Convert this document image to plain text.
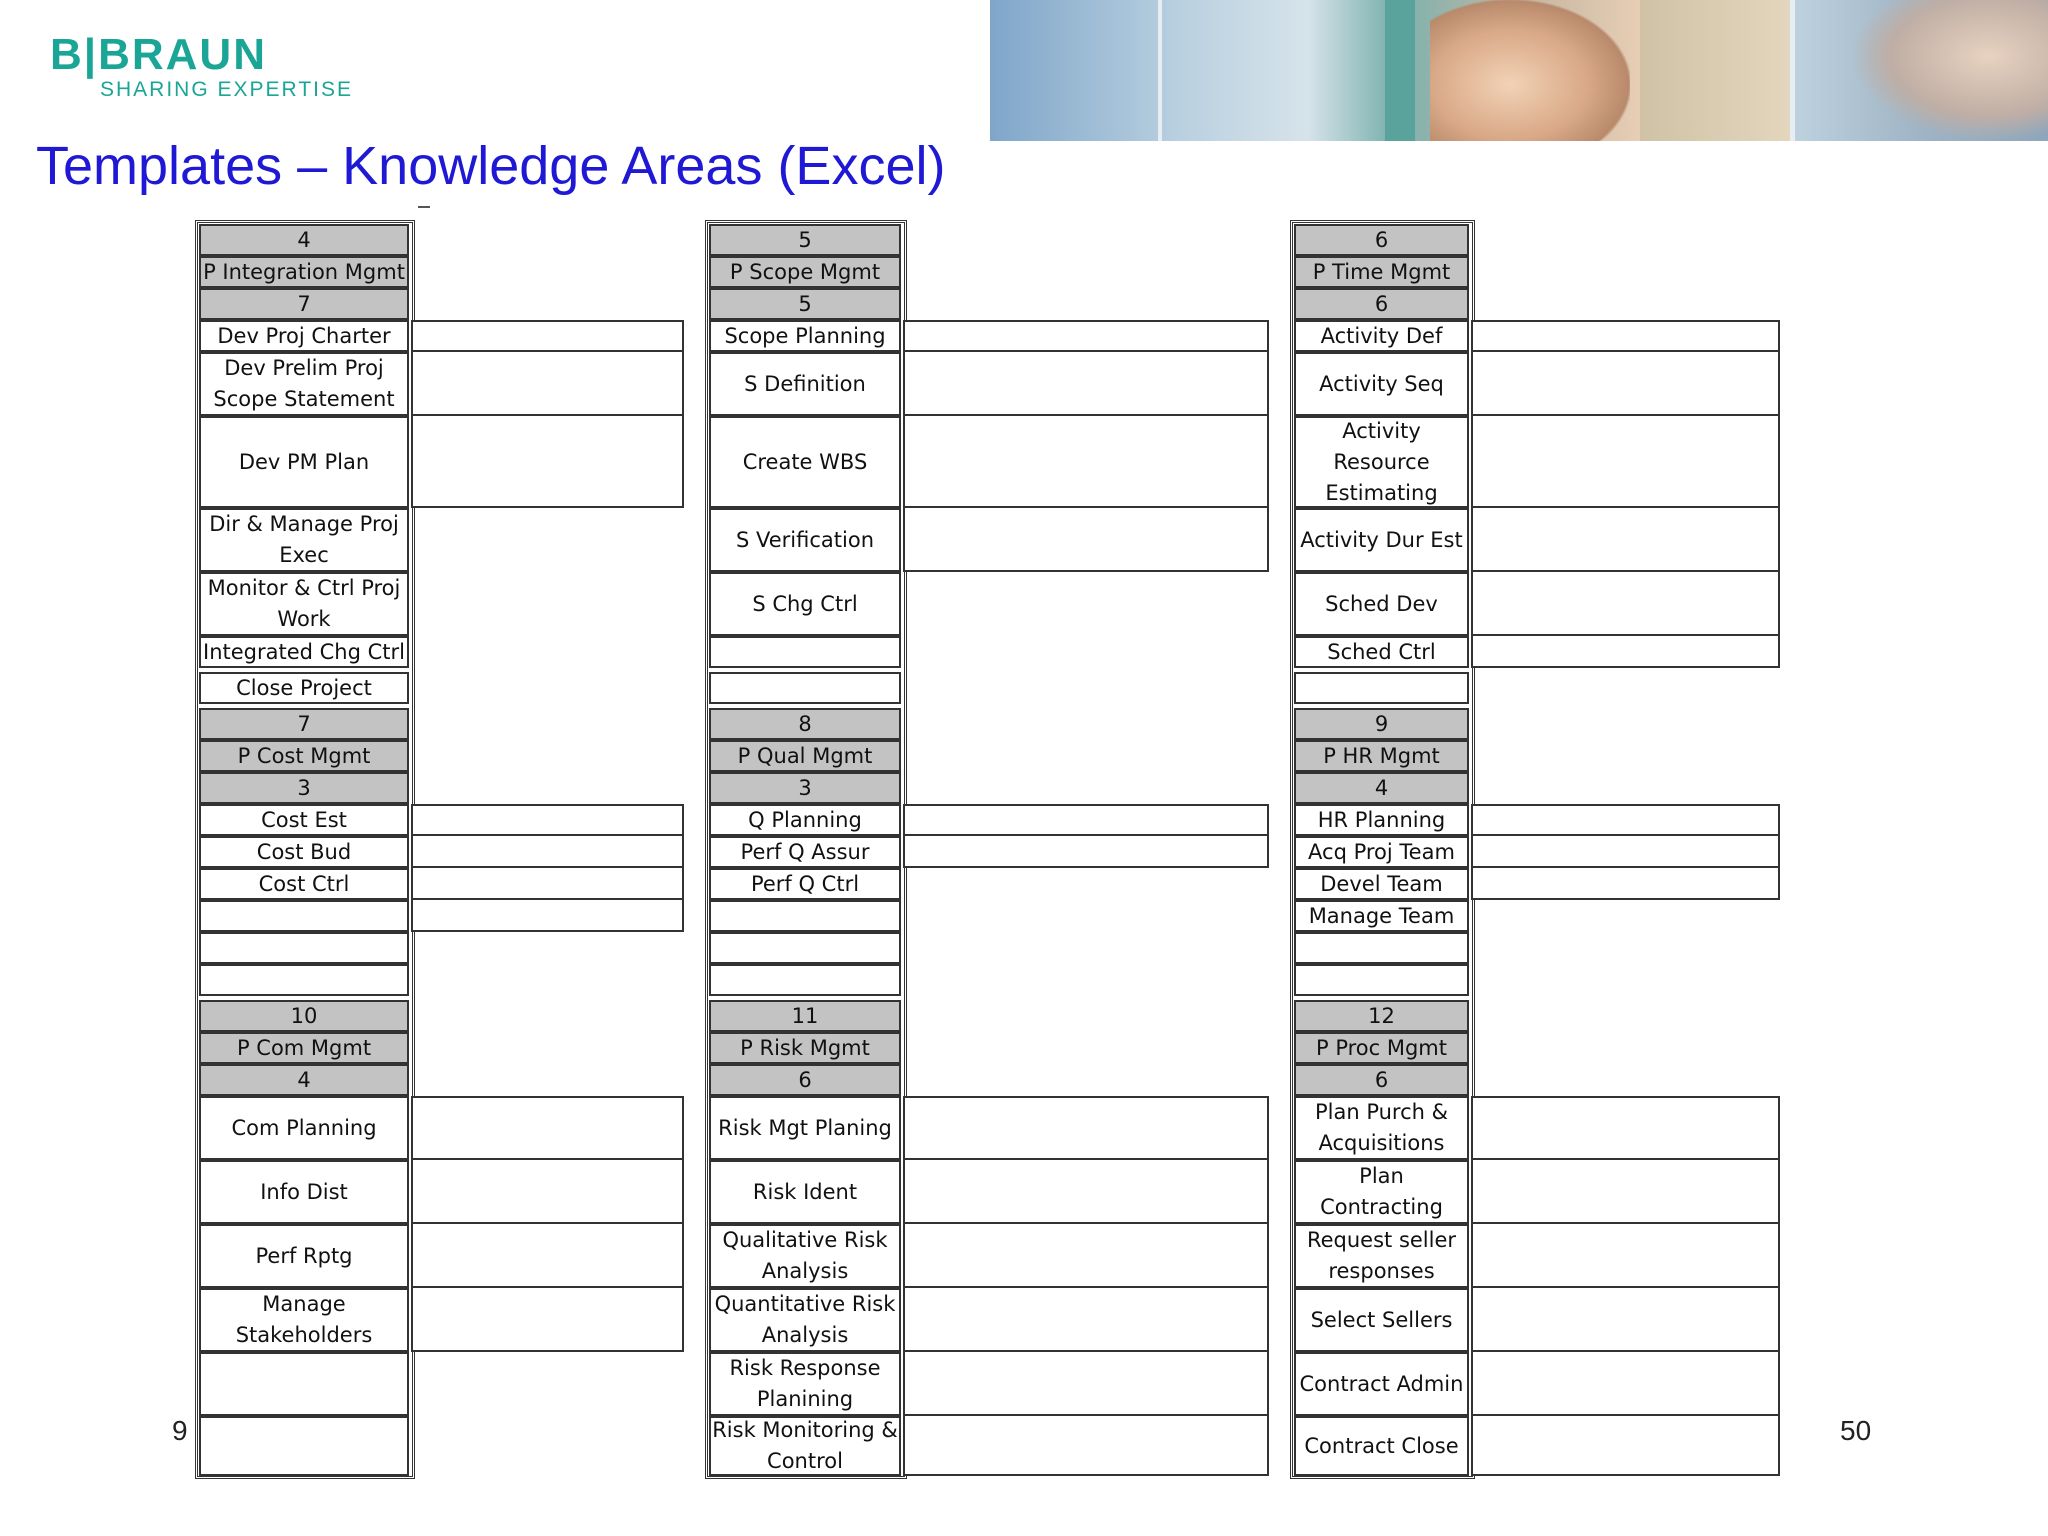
B|BRAUN
SHARING EXPERTISE
Templates – Knowledge Areas (Excel)
4
P Integration Mgmt
7
Dev Proj Charter
Dev Prelim Proj Scope Statement
Dev PM Plan
Dir & Manage Proj Exec
Monitor & Ctrl Proj Work
Integrated Chg Ctrl
Close Project
7
P Cost Mgmt
3
Cost Est
Cost Bud
Cost Ctrl
10
P Com Mgmt
4
Com Planning
Info Dist
Perf Rptg
Manage Stakeholders
5
P Scope Mgmt
5
Scope Planning
S Definition
Create WBS
S Verification
S Chg Ctrl
8
P Qual Mgmt
3
Q Planning
Perf Q Assur
Perf Q Ctrl
11
P Risk Mgmt
6
Risk Mgt Planing
Risk Ident
Qualitative Risk Analysis
Quantitative Risk Analysis
Risk Response Planining
Risk Monitoring & Control
6
P Time Mgmt
6
Activity Def
Activity Seq
Activity Resource Estimating
Activity Dur Est
Sched Dev
Sched Ctrl
9
P HR Mgmt
4
HR Planning
Acq Proj Team
Devel Team
Manage Team
12
P Proc Mgmt
6
Plan Purch & Acquisitions
Plan Contracting
Request seller responses
Select Sellers
Contract Admin
Contract Close
9	50
